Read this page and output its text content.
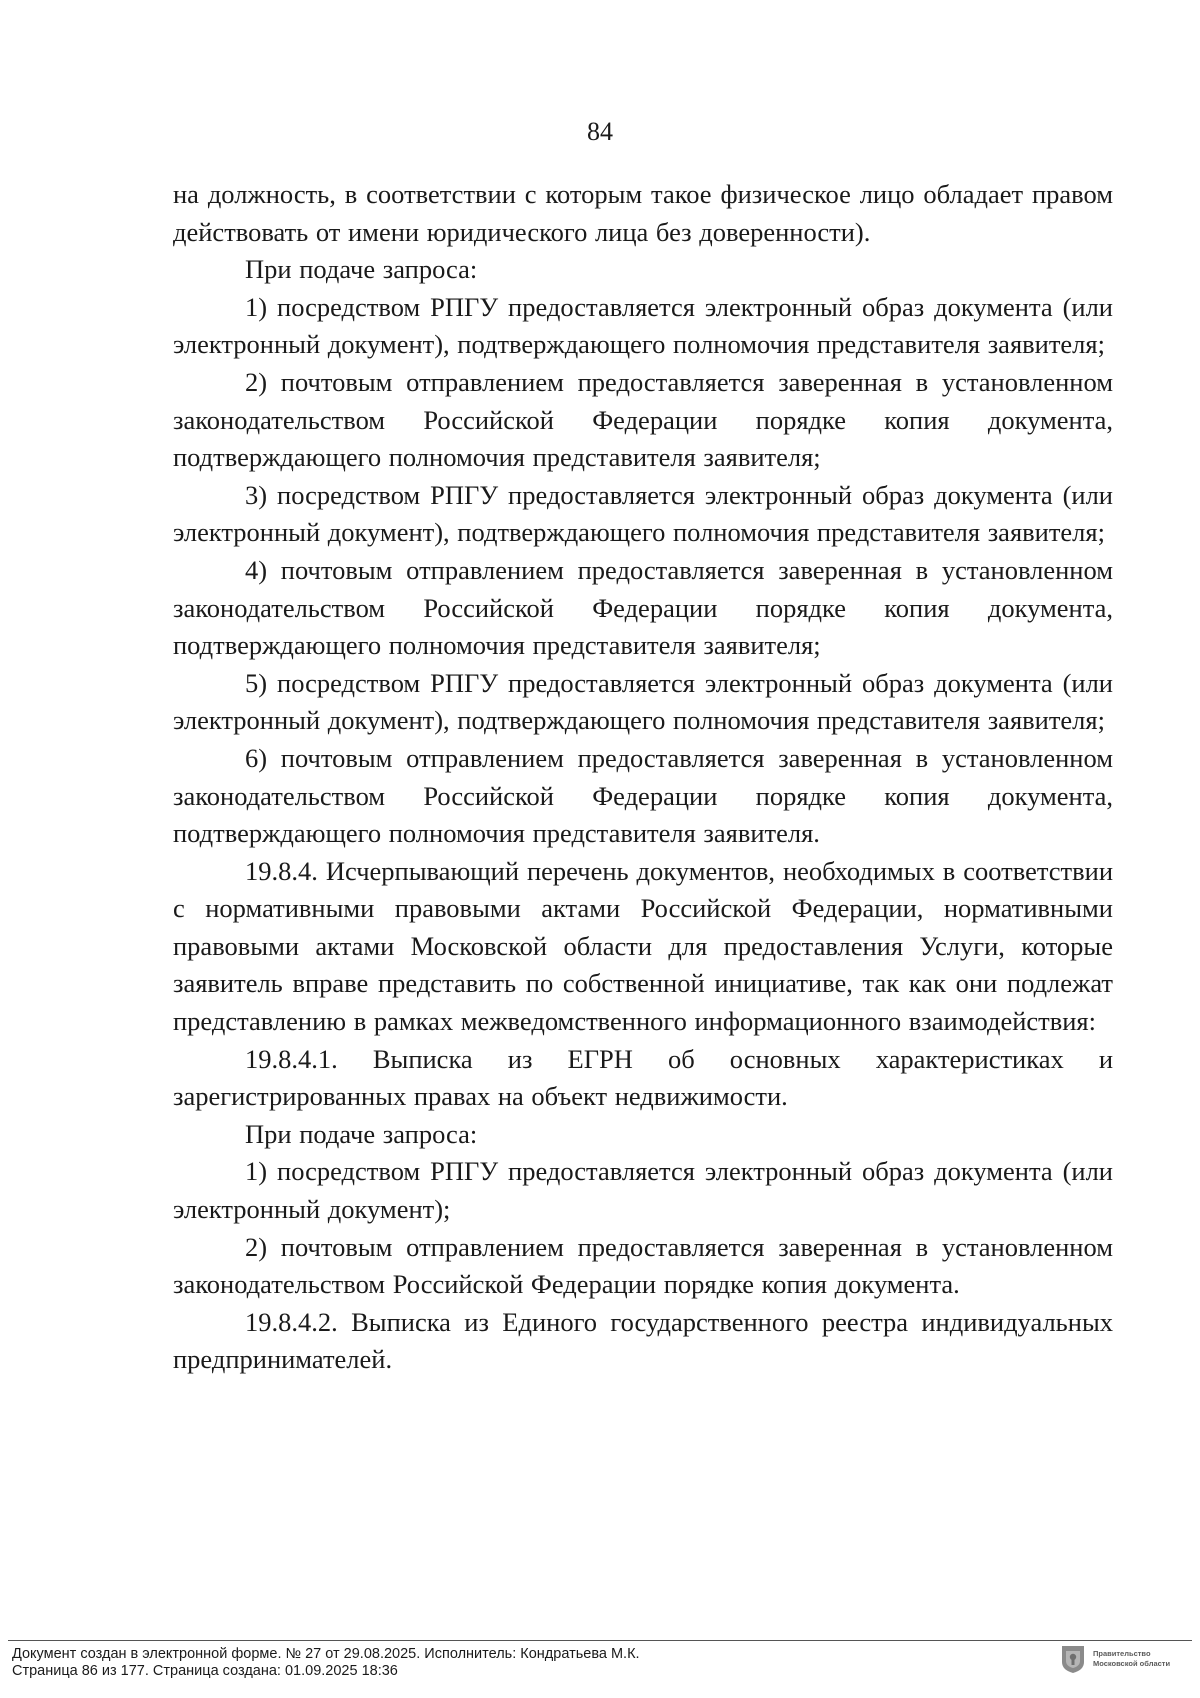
84

на должность, в соответствии с которым такое физическое лицо обладает правом действовать от имени юридического лица без доверенности).

При подаче запроса:

1) посредством РПГУ предоставляется электронный образ документа (или электронный документ), подтверждающего полномочия представителя заявителя;

2) почтовым отправлением предоставляется заверенная в установленном законодательством Российской Федерации порядке копия документа, подтверждающего полномочия представителя заявителя;

3) посредством РПГУ предоставляется электронный образ документа (или электронный документ), подтверждающего полномочия представителя заявителя;

4) почтовым отправлением предоставляется заверенная в установленном законодательством Российской Федерации порядке копия документа, подтверждающего полномочия представителя заявителя;

5) посредством РПГУ предоставляется электронный образ документа (или электронный документ), подтверждающего полномочия представителя заявителя;

6) почтовым отправлением предоставляется заверенная в установленном законодательством Российской Федерации порядке копия документа, подтверждающего полномочия представителя заявителя.

19.8.4. Исчерпывающий перечень документов, необходимых в соответствии с нормативными правовыми актами Российской Федерации, нормативными правовыми актами Московской области для предоставления Услуги, которые заявитель вправе представить по собственной инициативе, так как они подлежат представлению в рамках межведомственного информационного взаимодействия:

19.8.4.1. Выписка из ЕГРН об основных характеристиках и зарегистрированных правах на объект недвижимости.

При подаче запроса:

1) посредством РПГУ предоставляется электронный образ документа (или электронный документ);

2) почтовым отправлением предоставляется заверенная в установленном законодательством Российской Федерации порядке копия документа.

19.8.4.2. Выписка из Единого государственного реестра индивидуальных предпринимателей.

Документ создан в электронной форме. № 27 от 29.08.2025. Исполнитель: Кондратьева М.К.
Страница 86 из 177. Страница создана: 01.09.2025 18:36
Правительство
Московской области
